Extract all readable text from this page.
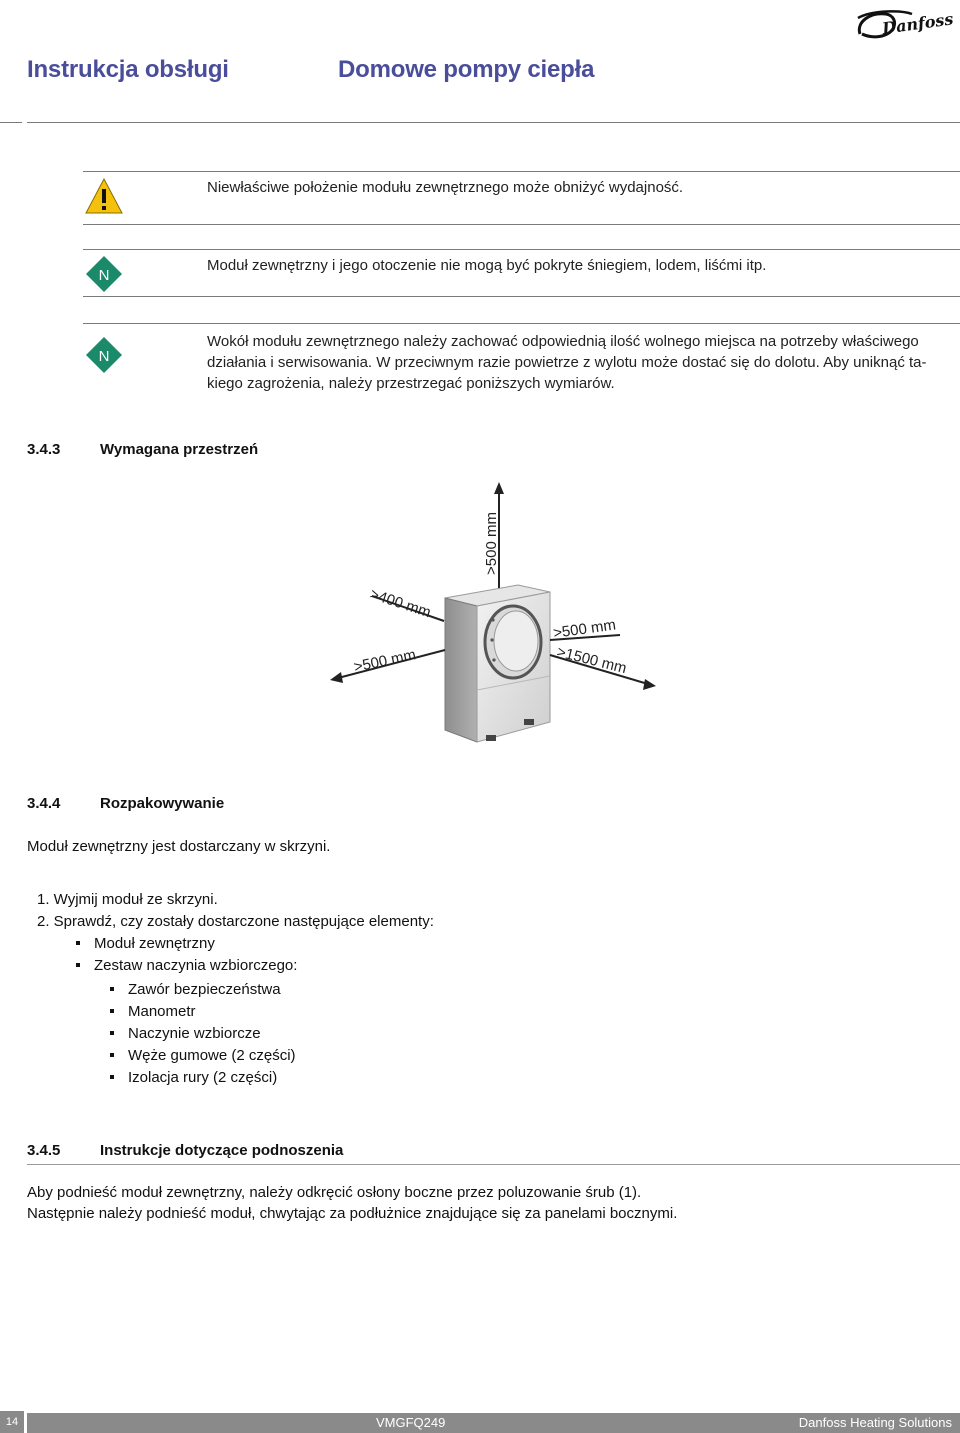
Instrukcja obsługi	Domowe pompy ciepła
Danfoss
Niewłaściwe położenie modułu zewnętrznego może obniżyć wydajność.
N
Moduł zewnętrzny i jego otoczenie nie mogą być pokryte śniegiem, lodem, liśćmi itp.
N
Wokół modułu zewnętrznego należy zachować odpowiednią ilość wolnego miejsca na potrzeby właściwego
działania i serwisowania. W przeciwnym razie powietrze z wylotu może dostać się do dolotu. Aby uniknąć ta-
kiego zagrożenia, należy przestrzegać poniższych wymiarów.
3.4.3	Wymagana przestrzeń
>500 mm
>400 mm
>500 mm
>500 mm
>1500 mm
3.4.4	Rozpakowywanie
Moduł zewnętrzny jest dostarczany w skrzyni.
1. Wyjmij moduł ze skrzyni.
2. Sprawdź, czy zostały dostarczone następujące elementy:
Moduł zewnętrzny
Zestaw naczynia wzbiorczego:
Zawór bezpieczeństwa
Manometr
Naczynie wzbiorcze
Węże gumowe (2 części)
Izolacja rury (2 części)
3.4.5	Instrukcje dotyczące podnoszenia
Aby podnieść moduł zewnętrzny, należy odkręcić osłony boczne przez poluzowanie śrub (1).
Następnie należy podnieść moduł, chwytając za podłużnice znajdujące się za panelami bocznymi.
14	VMGFQ249	Danfoss Heating Solutions
